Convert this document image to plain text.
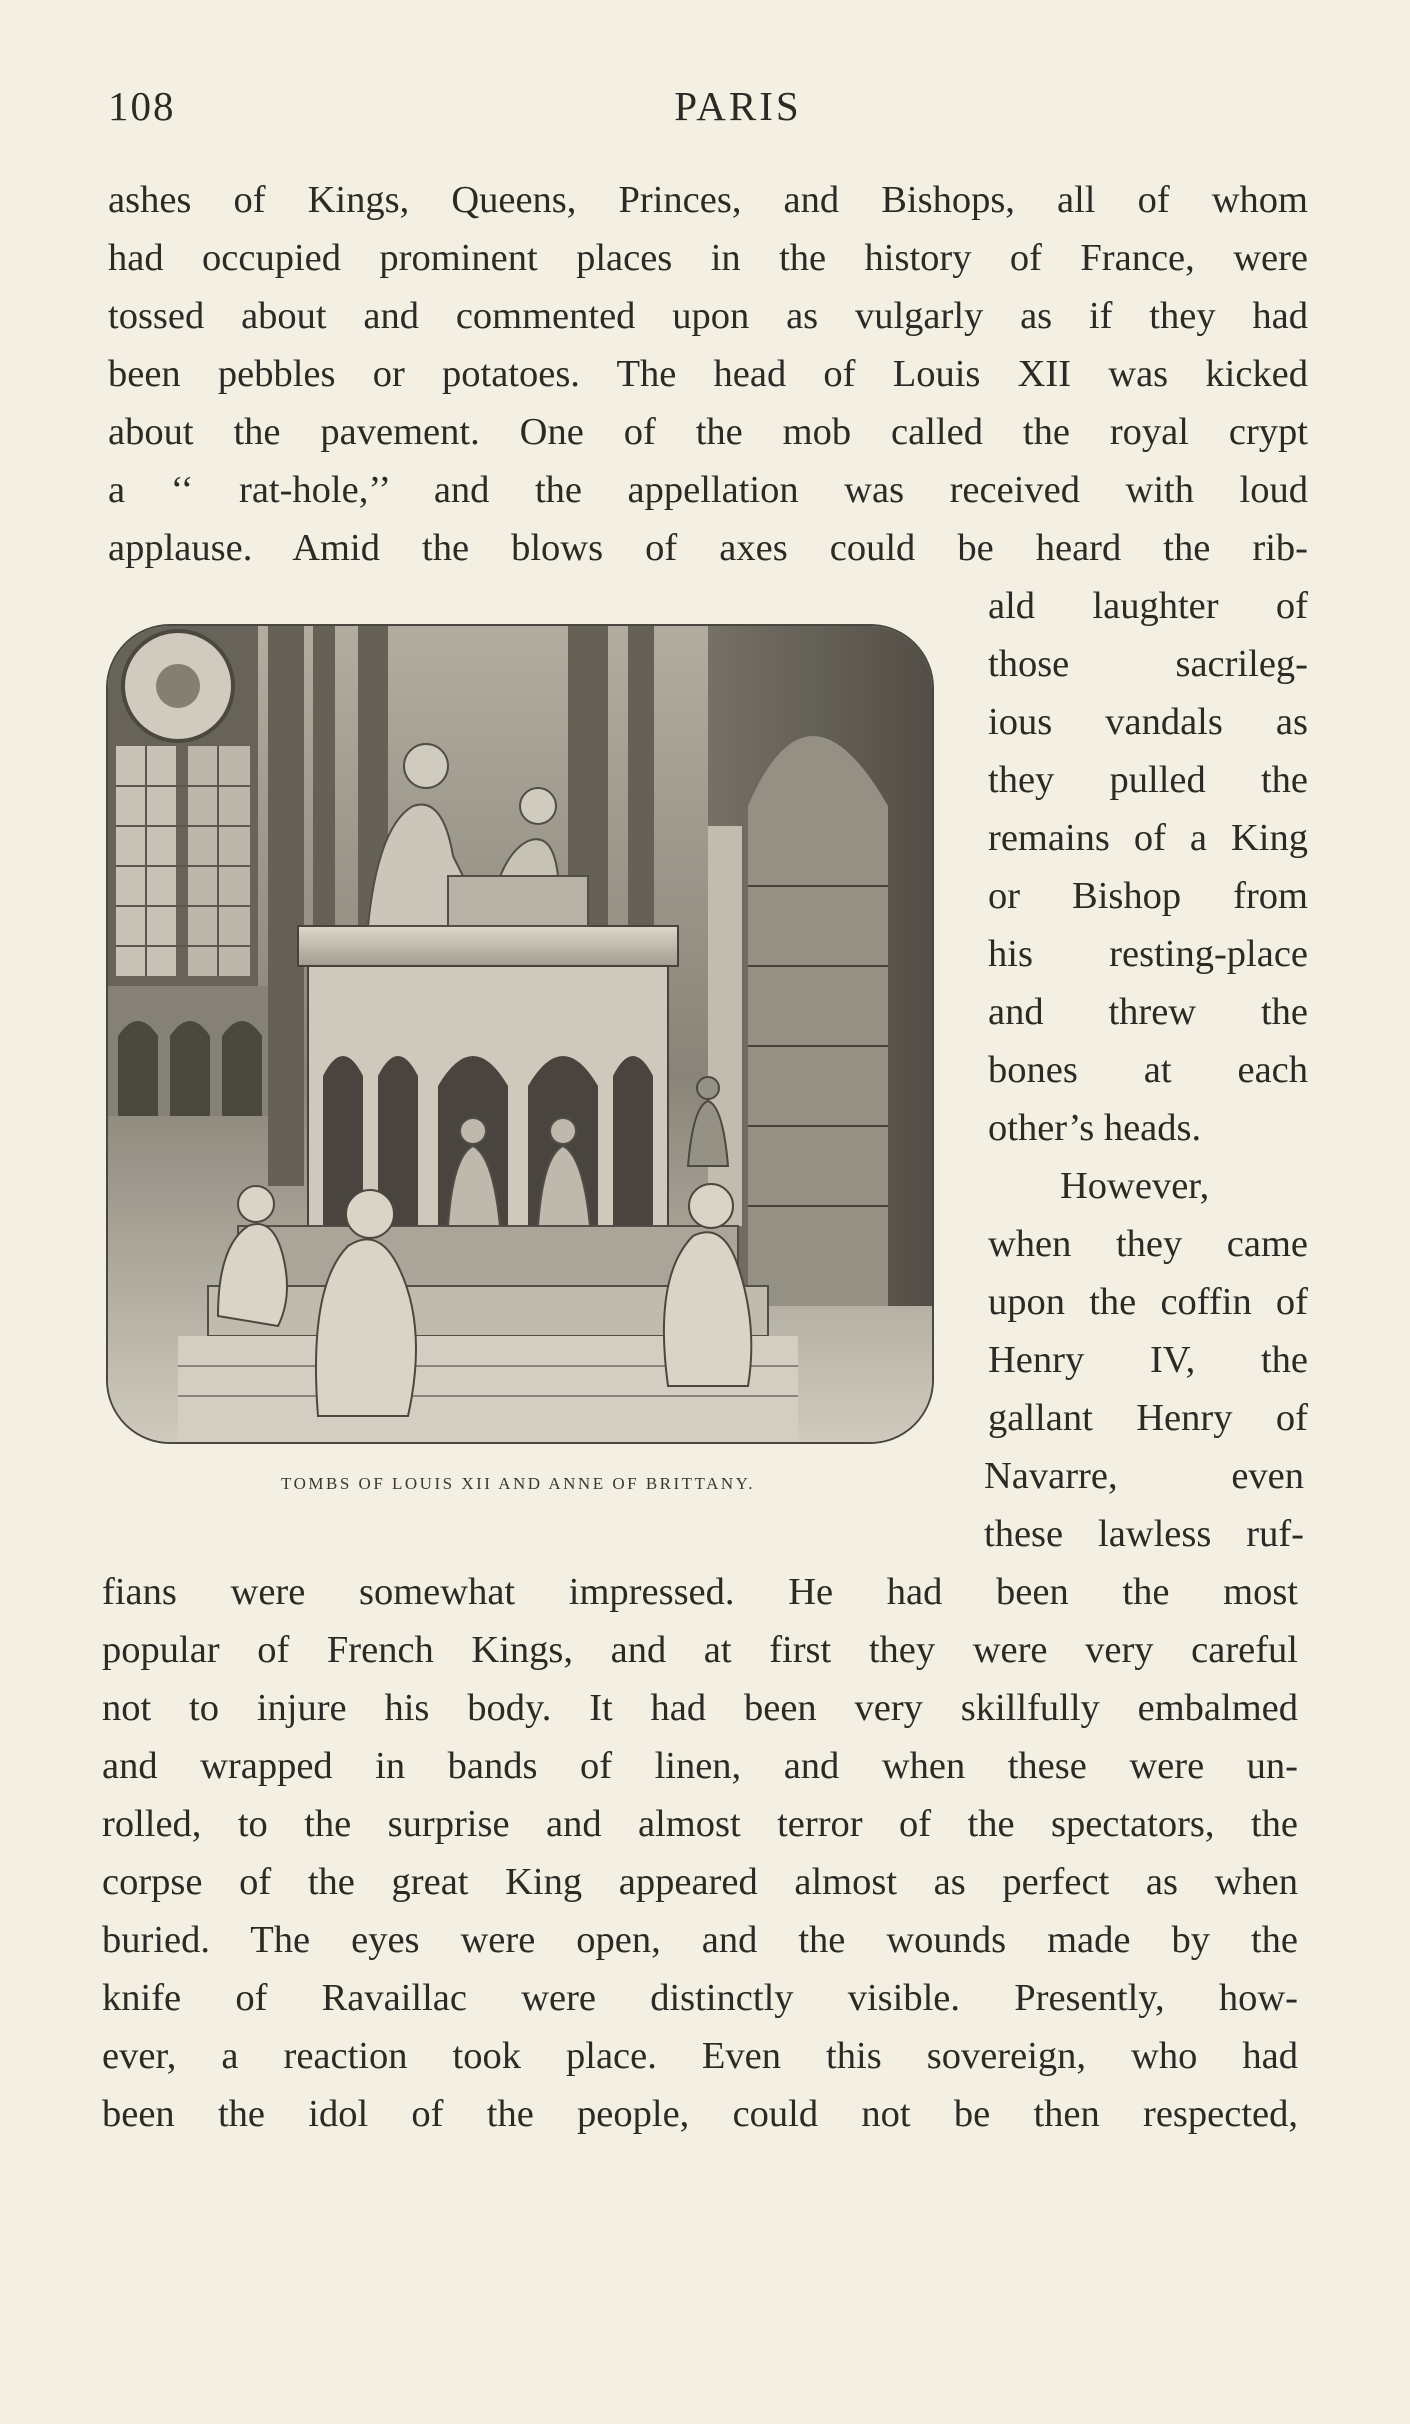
108	PARIS
ashes of Kings, Queens, Princes, and Bishops, all of whom
had occupied prominent places in the history of France, were
tossed about and commented upon as vulgarly as if they had
been pebbles or potatoes. The head of Louis XII was kicked
about the pavement. One of the mob called the royal crypt
a ‘‘ rat-hole,’’ and the appellation was received with loud
applause. Amid the blows of axes could be heard the rib-
ald laughter of
those sacrileg-
ious vandals as
they pulled the
remains of a King
or Bishop from
his resting-place
and threw the
bones at each
other’s heads.
However,
when they came
upon the coffin of
Henry IV, the
gallant Henry of
Navarre, even
these lawless ruf-
TOMBS OF LOUIS XII AND ANNE OF BRITTANY.
fians were somewhat impressed. He had been the most
popular of French Kings, and at first they were very careful
not to injure his body. It had been very skillfully embalmed
and wrapped in bands of linen, and when these were un-
rolled, to the surprise and almost terror of the spectators, the
corpse of the great King appeared almost as perfect as when
buried. The eyes were open, and the wounds made by the
knife of Ravaillac were distinctly visible. Presently, how-
ever, a reaction took place. Even this sovereign, who had
been the idol of the people, could not be then respected,
